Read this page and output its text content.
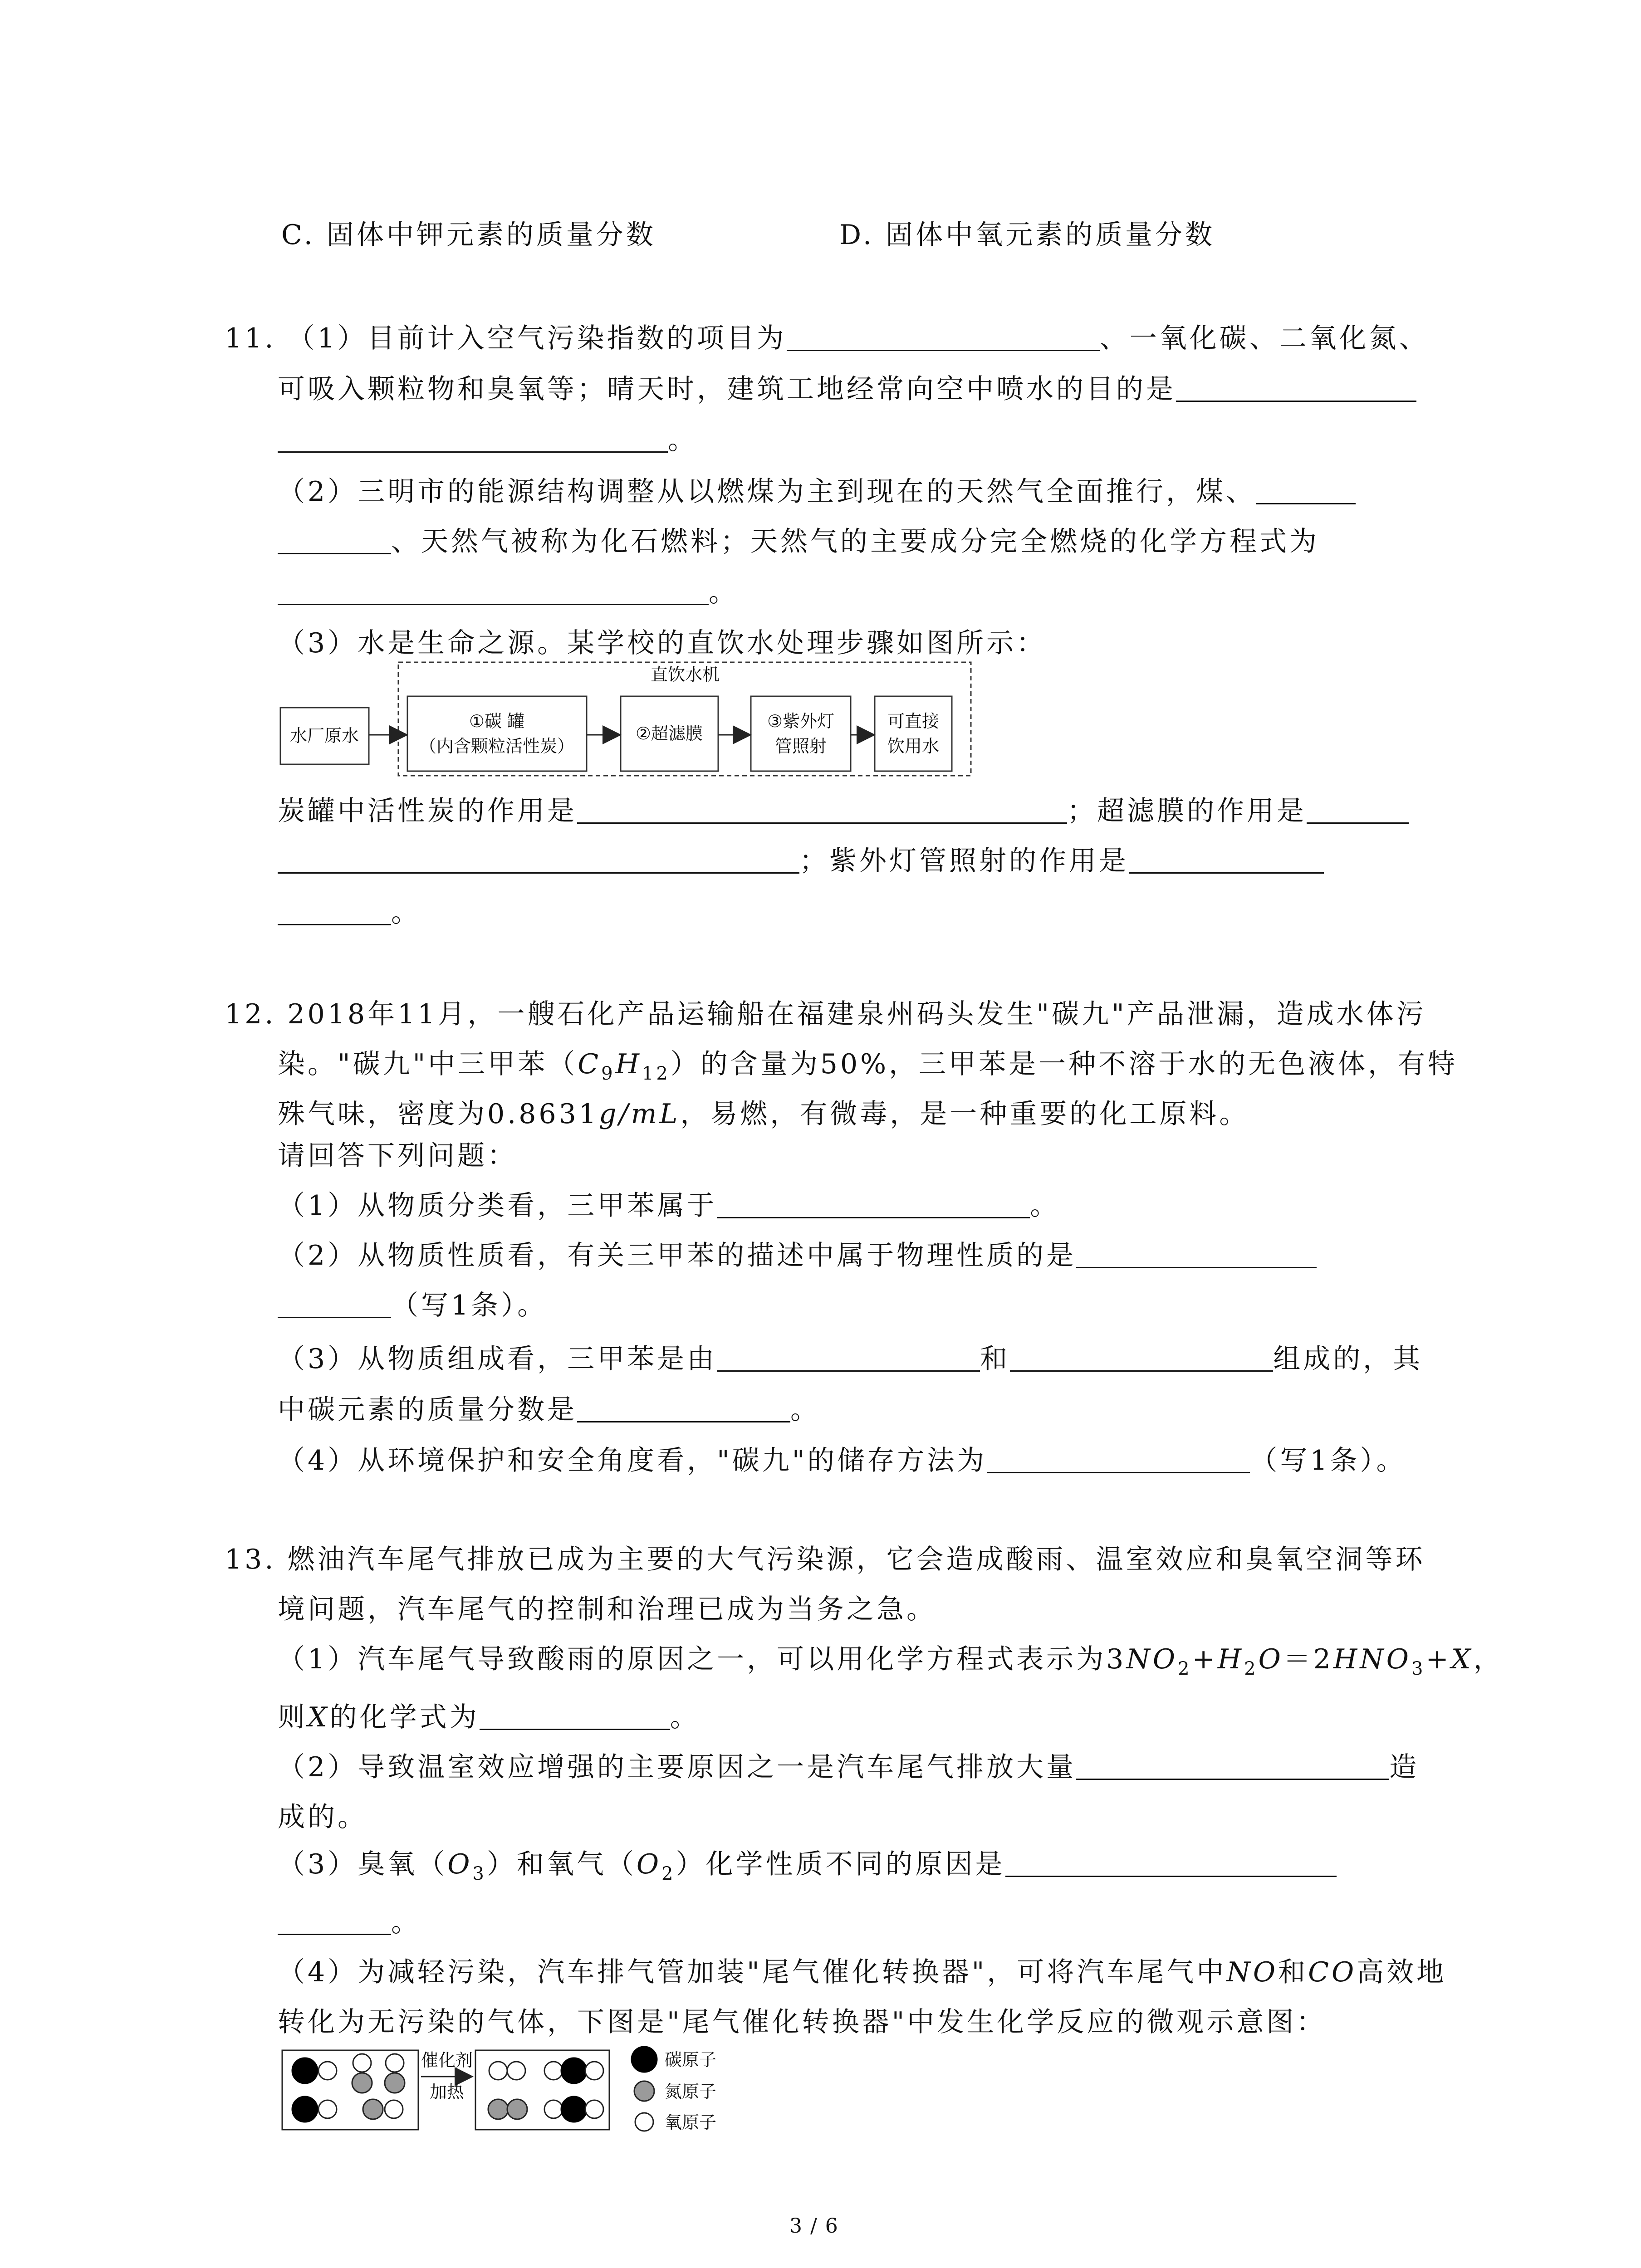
C. 固体中钾元素的质量分数	D. 固体中氧元素的质量分数
11. （1）目前计入空气污染指数的项目为	、一氧化碳、二氧化氮、
可吸入颗粒物和臭氧等；晴天时，建筑工地经常向空中喷水的目的是
。
（2）三明市的能源结构调整从以燃煤为主到现在的天然气全面推行，煤、
、天然气被称为化石燃料；天然气的主要成分完全燃烧的化学方程式为
。
（3）水是生命之源。某学校的直饮水处理步骤如图所示：
直饮水机
水厂原水
①碳 罐
（内含颗粒活性炭）
②超滤膜
③紫外灯
管照射
可直接
饮用水
炭罐中活性炭的作用是	；超滤膜的作用是
；紫外灯管照射的作用是
。
12. 2018年11月，一艘石化产品运输船在福建泉州码头发生"碳九"产品泄漏，造成水体污
染。"碳九"中三甲苯$(C_9H_{12})$的含量为50%，三甲苯是一种不溶于水的无色液体，有特
殊气味，密度为0.8631g/mL，易燃，有微毒，是一种重要的化工原料。
请回答下列问题：
（1）从物质分类看，三甲苯属于	。
（2）从物质性质看，有关三甲苯的描述中属于物理性质的是
（写1条）。
（3）从物质组成看，三甲苯是由	和	组成的，其
中碳元素的质量分数是	。
（4）从环境保护和安全角度看，"碳九"的储存方法为	（写1条）。
13. 燃油汽车尾气排放已成为主要的大气污染源，它会造成酸雨、温室效应和臭氧空洞等环
境问题，汽车尾气的控制和治理已成为当务之急。
（1）汽车尾气导致酸雨的原因之一，可以用化学方程式表示为$3NO_2+H_2O=2HNO_3+X$，
则X的化学式为	。
（2）导致温室效应增强的主要原因之一是汽车尾气排放大量	造
成的。
（3）臭氧$(O_3)$和氧气$(O_2)$化学性质不同的原因是
。
（4）为减轻污染，汽车排气管加装"尾气催化转换器"，可将汽车尾气中NO和CO高效地
转化为无污染的气体，下图是"尾气催化转换器"中发生化学反应的微观示意图：
催化剂
加热
碳原子
氮原子
氧原子
3 / 6
